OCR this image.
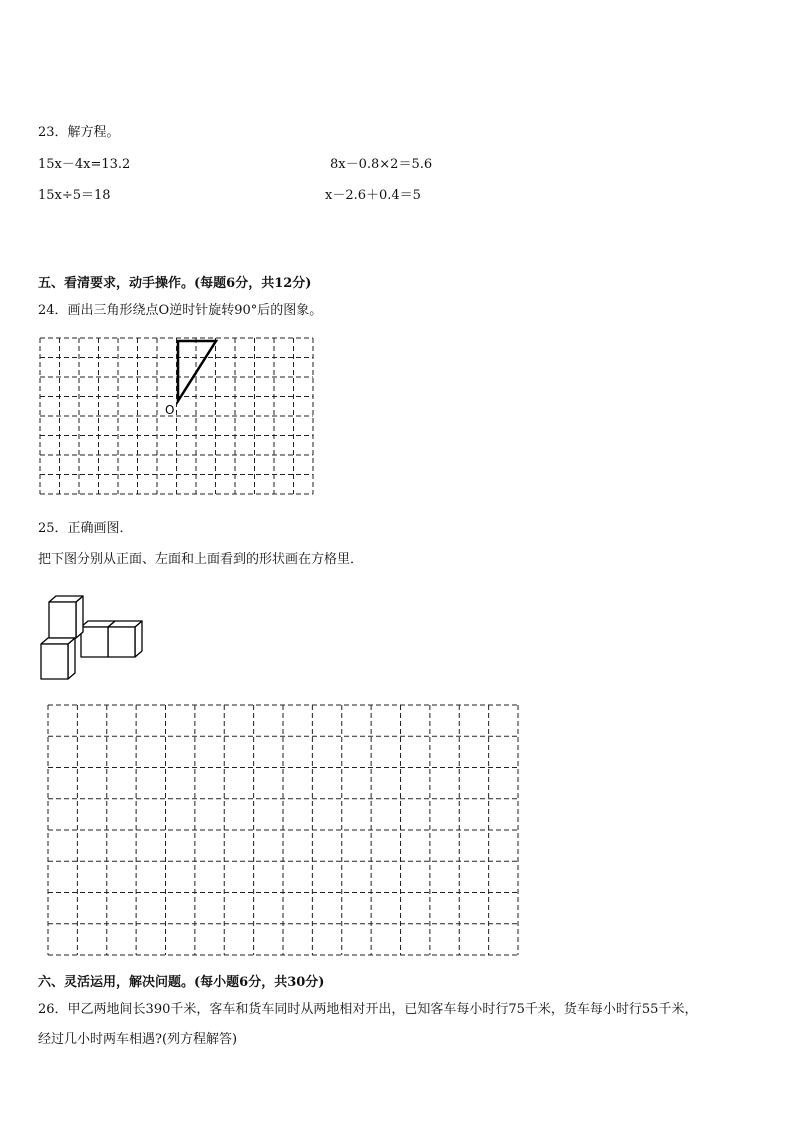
23．解方程。
15x－4x=13.2	8x－0.8×2＝5.6
15x÷5＝18	x－2.6＋0.4＝5
五、看清要求，动手操作。(每题6分，共12分)
24．画出三角形绕点O逆时针旋转90°后的图象。
O
25．正确画图．
把下图分别从正面、左面和上面看到的形状画在方格里．
六、灵活运用，解决问题。(每小题6分，共30分)
26．甲乙两地间长390千米，客车和货车同时从两地相对开出，已知客车每小时行75千米，货车每小时行55千米，
经过几小时两车相遇?(列方程解答)
